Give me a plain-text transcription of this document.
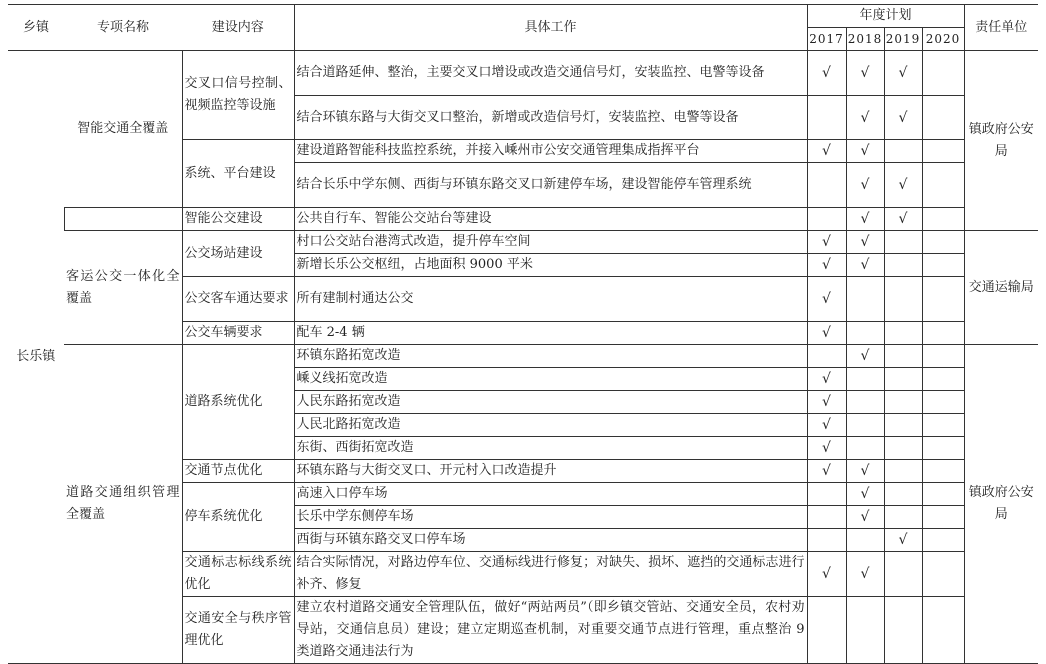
乡镇	专项名称	建设内容	具体工作	年度计划				责任单位
				2017	2018	2019	2020	
长乐镇	智能交通全覆盖	交叉口信号控制、视频监控等设施	结合道路延伸、整治，主要交叉口增设或改造交通信号灯，安装监控、电警等设备	√	√	√		镇政府公安局
			结合环镇东路与大街交叉口整治，新增或改造信号灯，安装监控、电警等设备		√	√		
		系统、平台建设	建设道路智能科技监控系统，并接入嵊州市公安交通管理集成指挥平台	√	√			
			结合长乐中学东侧、西街与环镇东路交叉口新建停车场，建设智能停车管理系统		√	√		
		智能公交建设	公共自行车、智能公交站台等建设		√	√		
	客运公交一体化全覆盖	公交场站建设	村口公交站台港湾式改造，提升停车空间	√	√			交通运输局
			新增长乐公交枢纽，占地面积 9000 平米	√	√			
		公交客车通达要求	所有建制村通达公交	√				
		公交车辆要求	配车 2-4 辆	√				
	道路交通组织管理全覆盖	道路系统优化	环镇东路拓宽改造		√			镇政府公安局
			嵊义线拓宽改造	√				
			人民东路拓宽改造	√				
			人民北路拓宽改造	√				
			东街、西街拓宽改造	√				
		交通节点优化	环镇东路与大街交叉口、开元村入口改造提升	√	√			
		停车系统优化	高速入口停车场		√			
			长乐中学东侧停车场		√			
			西街与环镇东路交叉口停车场			√		
		交通标志标线系统优化	结合实际情况，对路边停车位、交通标线进行修复；对缺失、损坏、遮挡的交通标志进行补齐、修复	√	√			
		交通安全与秩序管理优化	建立农村道路交通安全管理队伍，做好“两站两员”（即乡镇交管站、交通安全员，农村劝导站，交通信息员）建设；建立定期巡查机制，对重要交通节点进行管理，重点整治 9 类道路交通违法行为					
